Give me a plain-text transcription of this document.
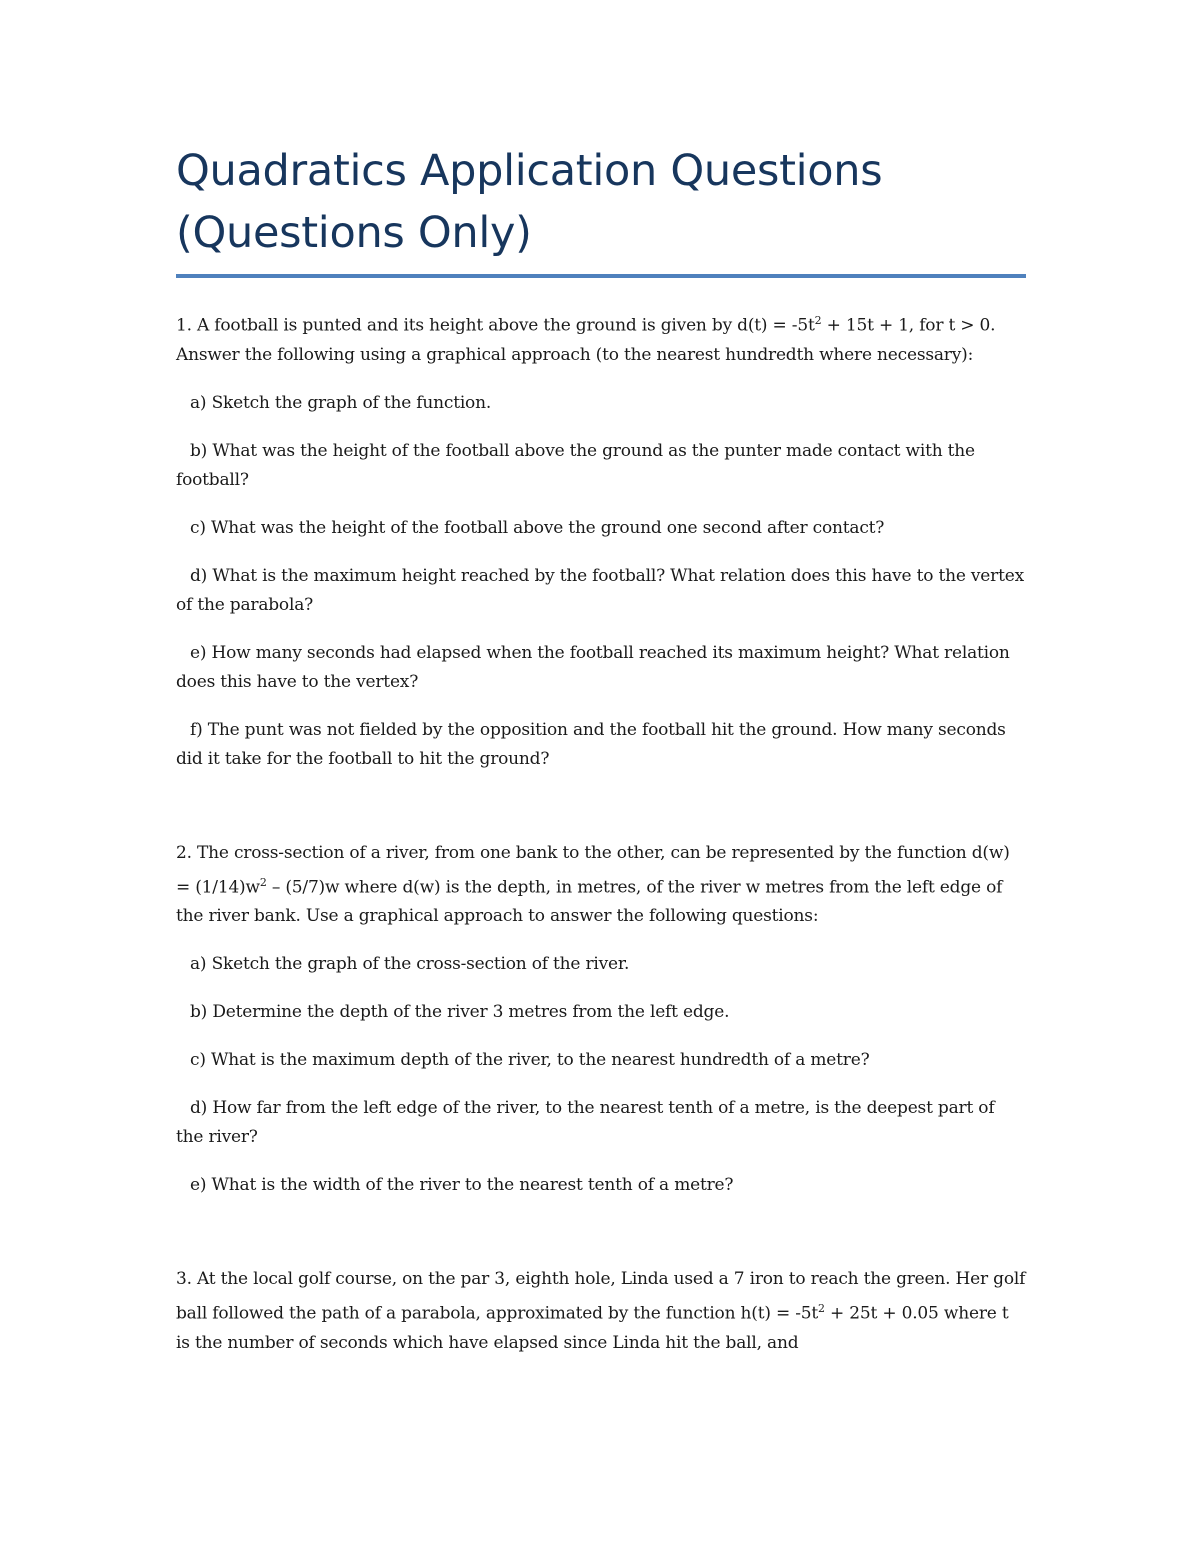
Quadratics Application Questions
(Questions Only)

1. A football is punted and its height above the ground is given by $d(t) = -5t^2 + 15t + 1$, for t > 0. Answer the following using a graphical approach (to the nearest hundredth where necessary):

a) Sketch the graph of the function.

b) What was the height of the football above the ground as the punter made contact with the football?

c) What was the height of the football above the ground one second after contact?

d) What is the maximum height reached by the football? What relation does this have to the vertex of the parabola?

e) How many seconds had elapsed when the football reached its maximum height? What relation does this have to the vertex?

f) The punt was not fielded by the opposition and the football hit the ground. How many seconds did it take for the football to hit the ground?

2. The cross-section of a river, from one bank to the other, can be represented by the function $d(w) = (1/14)w^2 - (5/7)w$ where d(w) is the depth, in metres, of the river w metres from the left edge of the river bank. Use a graphical approach to answer the following questions:

a) Sketch the graph of the cross-section of the river.

b) Determine the depth of the river 3 metres from the left edge.

c) What is the maximum depth of the river, to the nearest hundredth of a metre?

d) How far from the left edge of the river, to the nearest tenth of a metre, is the deepest part of the river?

e) What is the width of the river to the nearest tenth of a metre?

3. At the local golf course, on the par 3, eighth hole, Linda used a 7 iron to reach the green. Her golf ball followed the path of a parabola, approximated by the function $h(t) = -5t^2 + 25t + 0.05$ where t is the number of seconds which have elapsed since Linda hit the ball, and
